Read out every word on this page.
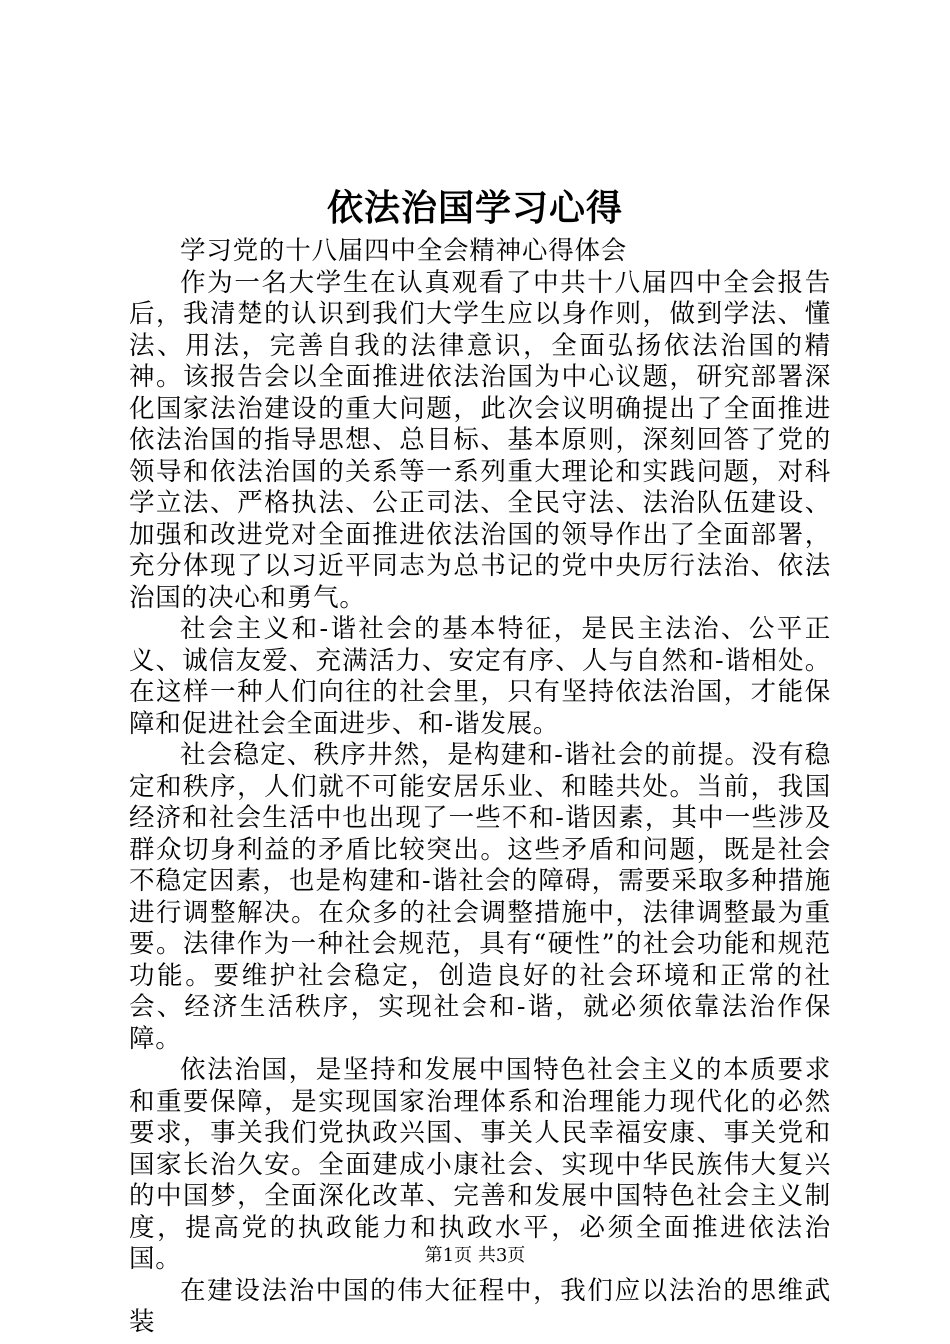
依法治国学习心得

学习党的十八届四中全会精神心得体会

作为一名大学生在认真观看了中共十八届四中全会报告后，我清楚的认识到我们大学生应以身作则，做到学法、懂法、用法，完善自我的法律意识，全面弘扬依法治国的精神。该报告会以全面推进依法治国为中心议题，研究部署深化国家法治建设的重大问题，此次会议明确提出了全面推进依法治国的指导思想、总目标、基本原则，深刻回答了党的领导和依法治国的关系等一系列重大理论和实践问题，对科学立法、严格执法、公正司法、全民守法、法治队伍建设、加强和改进党对全面推进依法治国的领导作出了全面部署，充分体现了以习近平同志为总书记的党中央厉行法治、依法治国的决心和勇气。

社会主义和-谐社会的基本特征，是民主法治、公平正义、诚信友爱、充满活力、安定有序、人与自然和-谐相处。在这样一种人们向往的社会里，只有坚持依法治国，才能保障和促进社会全面进步、和-谐发展。

社会稳定、秩序井然，是构建和-谐社会的前提。没有稳定和秩序，人们就不可能安居乐业、和睦共处。当前，我国经济和社会生活中也出现了一些不和-谐因素，其中一些涉及群众切身利益的矛盾比较突出。这些矛盾和问题，既是社会不稳定因素，也是构建和-谐社会的障碍，需要采取多种措施进行调整解决。在众多的社会调整措施中，法律调整最为重要。法律作为一种社会规范，具有“硬性”的社会功能和规范功能。要维护社会稳定，创造良好的社会环境和正常的社会、经济生活秩序，实现社会和-谐，就必须依靠法治作保障。

依法治国，是坚持和发展中国特色社会主义的本质要求和重要保障，是实现国家治理体系和治理能力现代化的必然要求，事关我们党执政兴国、事关人民幸福安康、事关党和国家长治久安。全面建成小康社会、实现中华民族伟大复兴的中国梦，全面深化改革、完善和发展中国特色社会主义制度，提高党的执政能力和执政水平，必须全面推进依法治国。

在建设法治中国的伟大征程中，我们应以法治的思维武装

第1页 共3页
